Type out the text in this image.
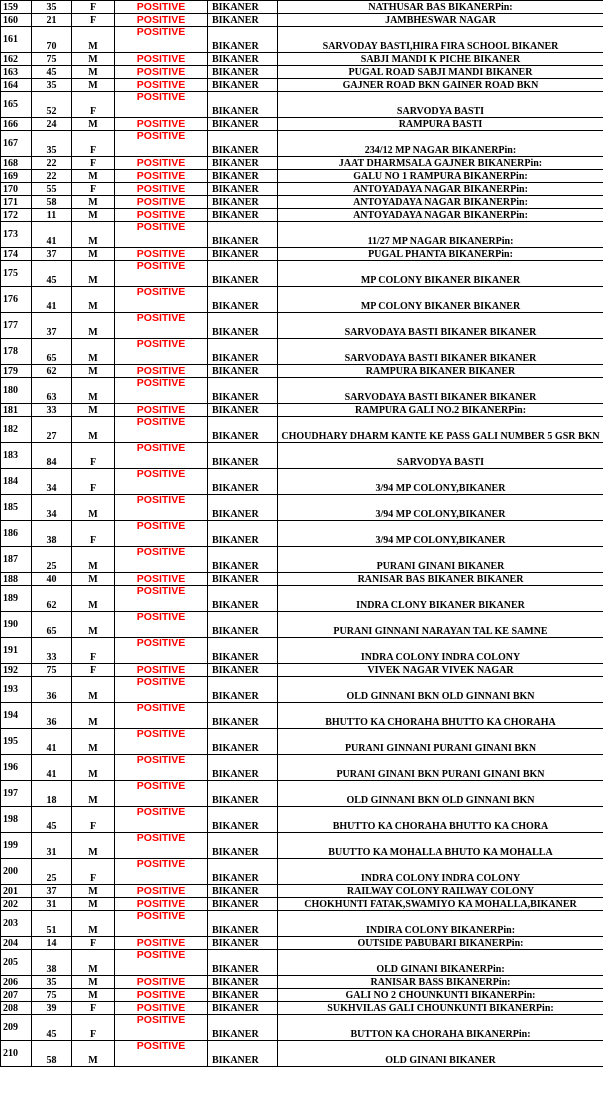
159	35	F	POSITIVE	BIKANER	NATHUSAR BAS BIKANERPin:
160	21	F	POSITIVE	BIKANER	JAMBHESWAR NAGAR
161	70	M	POSITIVE	BIKANER	SARVODAY BASTI,HIRA FIRA SCHOOL BIKANER
162	75	M	POSITIVE	BIKANER	SABJI MANDI K PICHE BIKANER
163	45	M	POSITIVE	BIKANER	PUGAL ROAD SABJI MANDI BIKANER
164	35	M	POSITIVE	BIKANER	GAJNER ROAD BKN GAINER ROAD BKN
165	52	F	POSITIVE	BIKANER	SARVODYA BASTI
166	24	M	POSITIVE	BIKANER	RAMPURA BASTI
167	35	F	POSITIVE	BIKANER	234/12 MP NAGAR BIKANERPin:
168	22	F	POSITIVE	BIKANER	JAAT DHARMSALA GAJNER BIKANERPin:
169	22	M	POSITIVE	BIKANER	GALU NO 1 RAMPURA BIKANERPin:
170	55	F	POSITIVE	BIKANER	ANTOYADAYA NAGAR BIKANERPin:
171	58	M	POSITIVE	BIKANER	ANTOYADAYA NAGAR BIKANERPin:
172	11	M	POSITIVE	BIKANER	ANTOYADAYA NAGAR BIKANERPin:
173	41	M	POSITIVE	BIKANER	11/27 MP NAGAR BIKANERPin:
174	37	M	POSITIVE	BIKANER	PUGAL PHANTA BIKANERPin:
175	45	M	POSITIVE	BIKANER	MP COLONY BIKANER BIKANER
176	41	M	POSITIVE	BIKANER	MP COLONY BIKANER BIKANER
177	37	M	POSITIVE	BIKANER	SARVODAYA BASTI BIKANER BIKANER
178	65	M	POSITIVE	BIKANER	SARVODAYA BASTI BIKANER BIKANER
179	62	M	POSITIVE	BIKANER	RAMPURA BIKANER BIKANER
180	63	M	POSITIVE	BIKANER	SARVODAYA BASTI BIKANER BIKANER
181	33	M	POSITIVE	BIKANER	RAMPURA GALI NO.2 BIKANERPin:
182	27	M	POSITIVE	BIKANER	CHOUDHARY DHARM KANTE KE PASS GALI NUMBER 5 GSR BKN
183	84	F	POSITIVE	BIKANER	SARVODYA BASTI
184	34	F	POSITIVE	BIKANER	3/94 MP COLONY,BIKANER
185	34	M	POSITIVE	BIKANER	3/94 MP COLONY,BIKANER
186	38	F	POSITIVE	BIKANER	3/94 MP COLONY,BIKANER
187	25	M	POSITIVE	BIKANER	PURANI GINANI BIKANER
188	40	M	POSITIVE	BIKANER	RANISAR BAS BIKANER BIKANER
189	62	M	POSITIVE	BIKANER	INDRA CLONY BIKANER BIKANER
190	65	M	POSITIVE	BIKANER	PURANI GINNANI NARAYAN TAL KE SAMNE
191	33	F	POSITIVE	BIKANER	INDRA COLONY INDRA COLONY
192	75	F	POSITIVE	BIKANER	VIVEK NAGAR VIVEK NAGAR
193	36	M	POSITIVE	BIKANER	OLD GINNANI BKN OLD GINNANI BKN
194	36	M	POSITIVE	BIKANER	BHUTTO KA CHORAHA BHUTTO KA CHORAHA
195	41	M	POSITIVE	BIKANER	PURANI GINNANI PURANI GINANI BKN
196	41	M	POSITIVE	BIKANER	PURANI GINANI BKN PURANI GINANI BKN
197	18	M	POSITIVE	BIKANER	OLD GINNANI BKN OLD GINNANI BKN
198	45	F	POSITIVE	BIKANER	BHUTTO KA CHORAHA BHUTTO KA CHORA
199	31	M	POSITIVE	BIKANER	BUUTTO KA MOHALLA BHUTO KA MOHALLA
200	25	F	POSITIVE	BIKANER	INDRA COLONY INDRA COLONY
201	37	M	POSITIVE	BIKANER	RAILWAY COLONY RAILWAY COLONY
202	31	M	POSITIVE	BIKANER	CHOKHUNTI FATAK,SWAMIYO KA MOHALLA,BIKANER
203	51	M	POSITIVE	BIKANER	INDIRA COLONY BIKANERPin:
204	14	F	POSITIVE	BIKANER	OUTSIDE PABUBARI BIKANERPin:
205	38	M	POSITIVE	BIKANER	OLD GINANI BIKANERPin:
206	35	M	POSITIVE	BIKANER	RANISAR BASS BIKANERPin:
207	75	M	POSITIVE	BIKANER	GALI NO 2 CHOUNKUNTI BIKANERPin:
208	39	F	POSITIVE	BIKANER	SUKHVILAS GALI CHOUNKUNTI BIKANERPin:
209	45	F	POSITIVE	BIKANER	BUTTON KA CHORAHA BIKANERPin:
210	58	M	POSITIVE	BIKANER	OLD GINANI BIKANER
